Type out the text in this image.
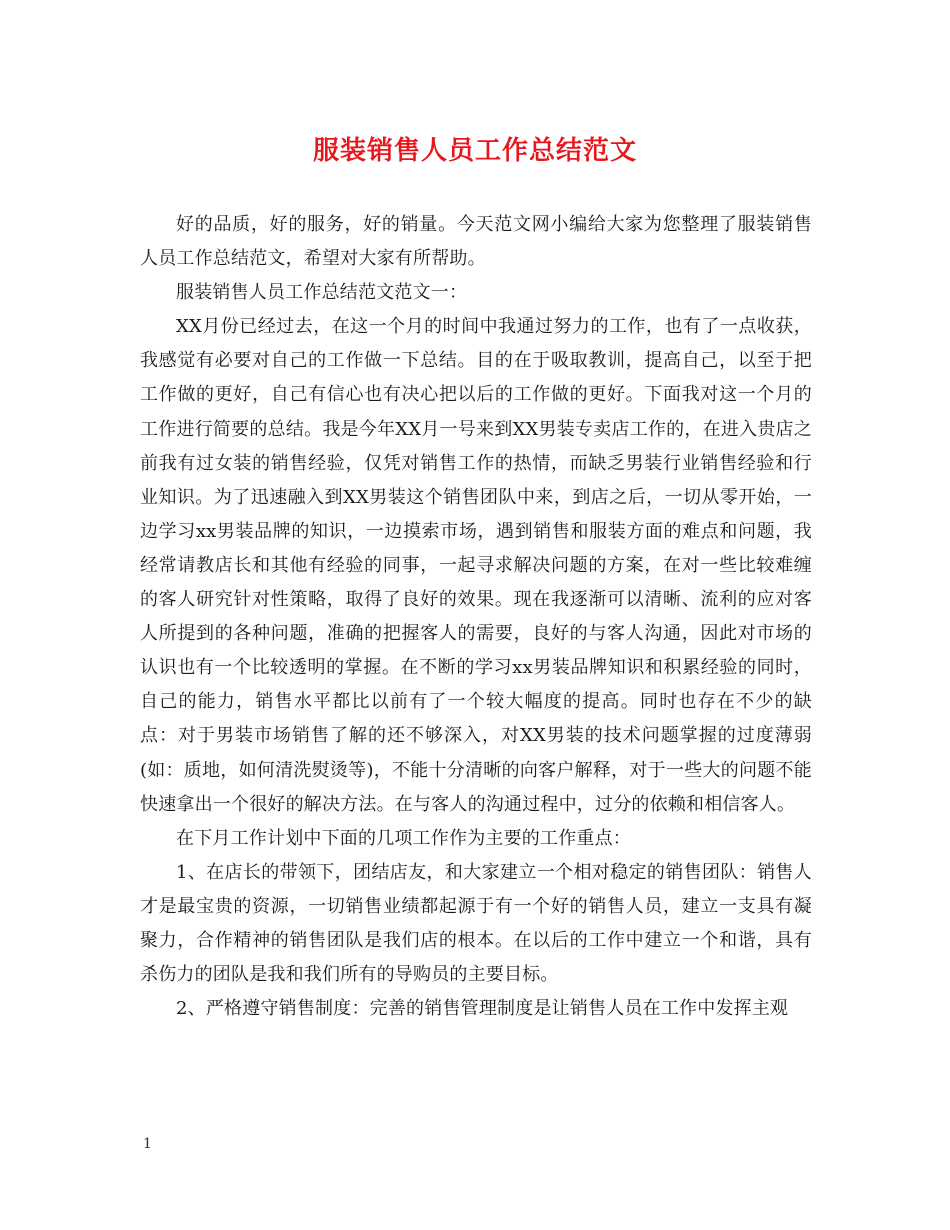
服装销售人员工作总结范文

好的品质，好的服务，好的销量。今天范文网小编给大家为您整理了服装销售人员工作总结范文，希望对大家有所帮助。

服装销售人员工作总结范文范文一：

XX月份已经过去，在这一个月的时间中我通过努力的工作，也有了一点收获，我感觉有必要对自己的工作做一下总结。目的在于吸取教训，提高自己，以至于把工作做的更好，自己有信心也有决心把以后的工作做的更好。下面我对这一个月的工作进行简要的总结。我是今年XX月一号来到XX男装专卖店工作的，在进入贵店之前我有过女装的销售经验，仅凭对销售工作的热情，而缺乏男装行业销售经验和行业知识。为了迅速融入到XX男装这个销售团队中来，到店之后，一切从零开始，一边学习xx男装品牌的知识，一边摸索市场，遇到销售和服装方面的难点和问题，我经常请教店长和其他有经验的同事，一起寻求解决问题的方案，在对一些比较难缠的客人研究针对性策略，取得了良好的效果。现在我逐渐可以清晰、流利的应对客人所提到的各种问题，准确的把握客人的需要，良好的与客人沟通，因此对市场的认识也有一个比较透明的掌握。在不断的学习xx男装品牌知识和积累经验的同时，自己的能力，销售水平都比以前有了一个较大幅度的提高。同时也存在不少的缺点：对于男装市场销售了解的还不够深入，对XX男装的技术问题掌握的过度薄弱(如：质地，如何清洗熨烫等)，不能十分清晰的向客户解释，对于一些大的问题不能快速拿出一个很好的解决方法。在与客人的沟通过程中，过分的依赖和相信客人。

在下月工作计划中下面的几项工作作为主要的工作重点：

1、在店长的带领下，团结店友，和大家建立一个相对稳定的销售团队：销售人才是最宝贵的资源，一切销售业绩都起源于有一个好的销售人员，建立一支具有凝聚力，合作精神的销售团队是我们店的根本。在以后的工作中建立一个和谐，具有杀伤力的团队是我和我们所有的导购员的主要目标。

2、严格遵守销售制度：完善的销售管理制度是让销售人员在工作中发挥主观

1
